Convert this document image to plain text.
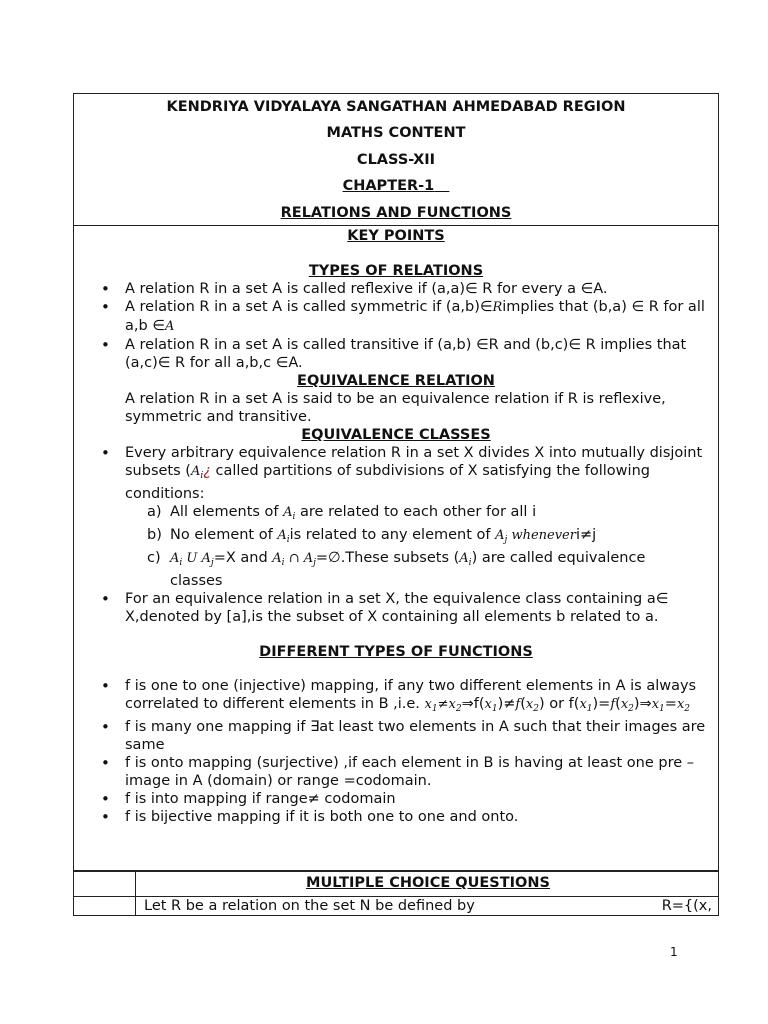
KENDRIYA VIDYALAYA SANGATHAN AHMEDABAD REGION
MATHS CONTENT
CLASS-XII
CHAPTER-1
RELATIONS AND FUNCTIONS
KEY POINTS
TYPES OF RELATIONS
• A relation R in a set A is called reflexive if (a,a)∈ R for every a ∈A.
• A relation R in a set A is called symmetric if (a,b)∈Rimplies that (b,a) ∈ R for all a,b ∈A
• A relation R in a set A is called transitive if (a,b) ∈R and (b,c)∈ R implies that (a,c)∈ R for all a,b,c ∈A.
EQUIVALENCE RELATION
A relation R in a set A is said to be an equivalence relation if R is reflexive, symmetric and transitive.
EQUIVALENCE CLASSES
• Every arbitrary equivalence relation R in a set X divides X into mutually disjoint subsets ($A_i¿$ called partitions of subdivisions of X satisfying the following conditions:
a) All elements of $A_i$ are related to each other for all i
b) No element of $A_iis$ related to any element of $A_j$ wheneveri≠j
c) $A_i$ U $A_j=X$ and $A_i$ ∩ $A_j=\emptyset.These$ subsets $(A_i)$ are called equivalence classes
• For an equivalence relation in a set X, the equivalence class containing a∈ X,denoted by [a],is the subset of X containing all elements b related to a.
DIFFERENT TYPES OF FUNCTIONS
• f is one to one (injective) mapping, if any two different elements in A is always correlated to different elements in B ,i.e. $x_1\ne x_2\Rightarrow f(x_1)\ne f(x_2)$ or $f(x_1)=f(x_2)\Rightarrow x_1=x_2$
• f is many one mapping if ∃at least two elements in A such that their images are same
• f is onto mapping (surjective) ,if each element in B is having at least one pre –image in A (domain) or range =codomain.
• f is into mapping if range≠ codomain
• f is bijective mapping if it is both one to one and onto.
MULTIPLE CHOICE QUESTIONS
Let R be a relation on the set N be defined by	R={(x,
1
